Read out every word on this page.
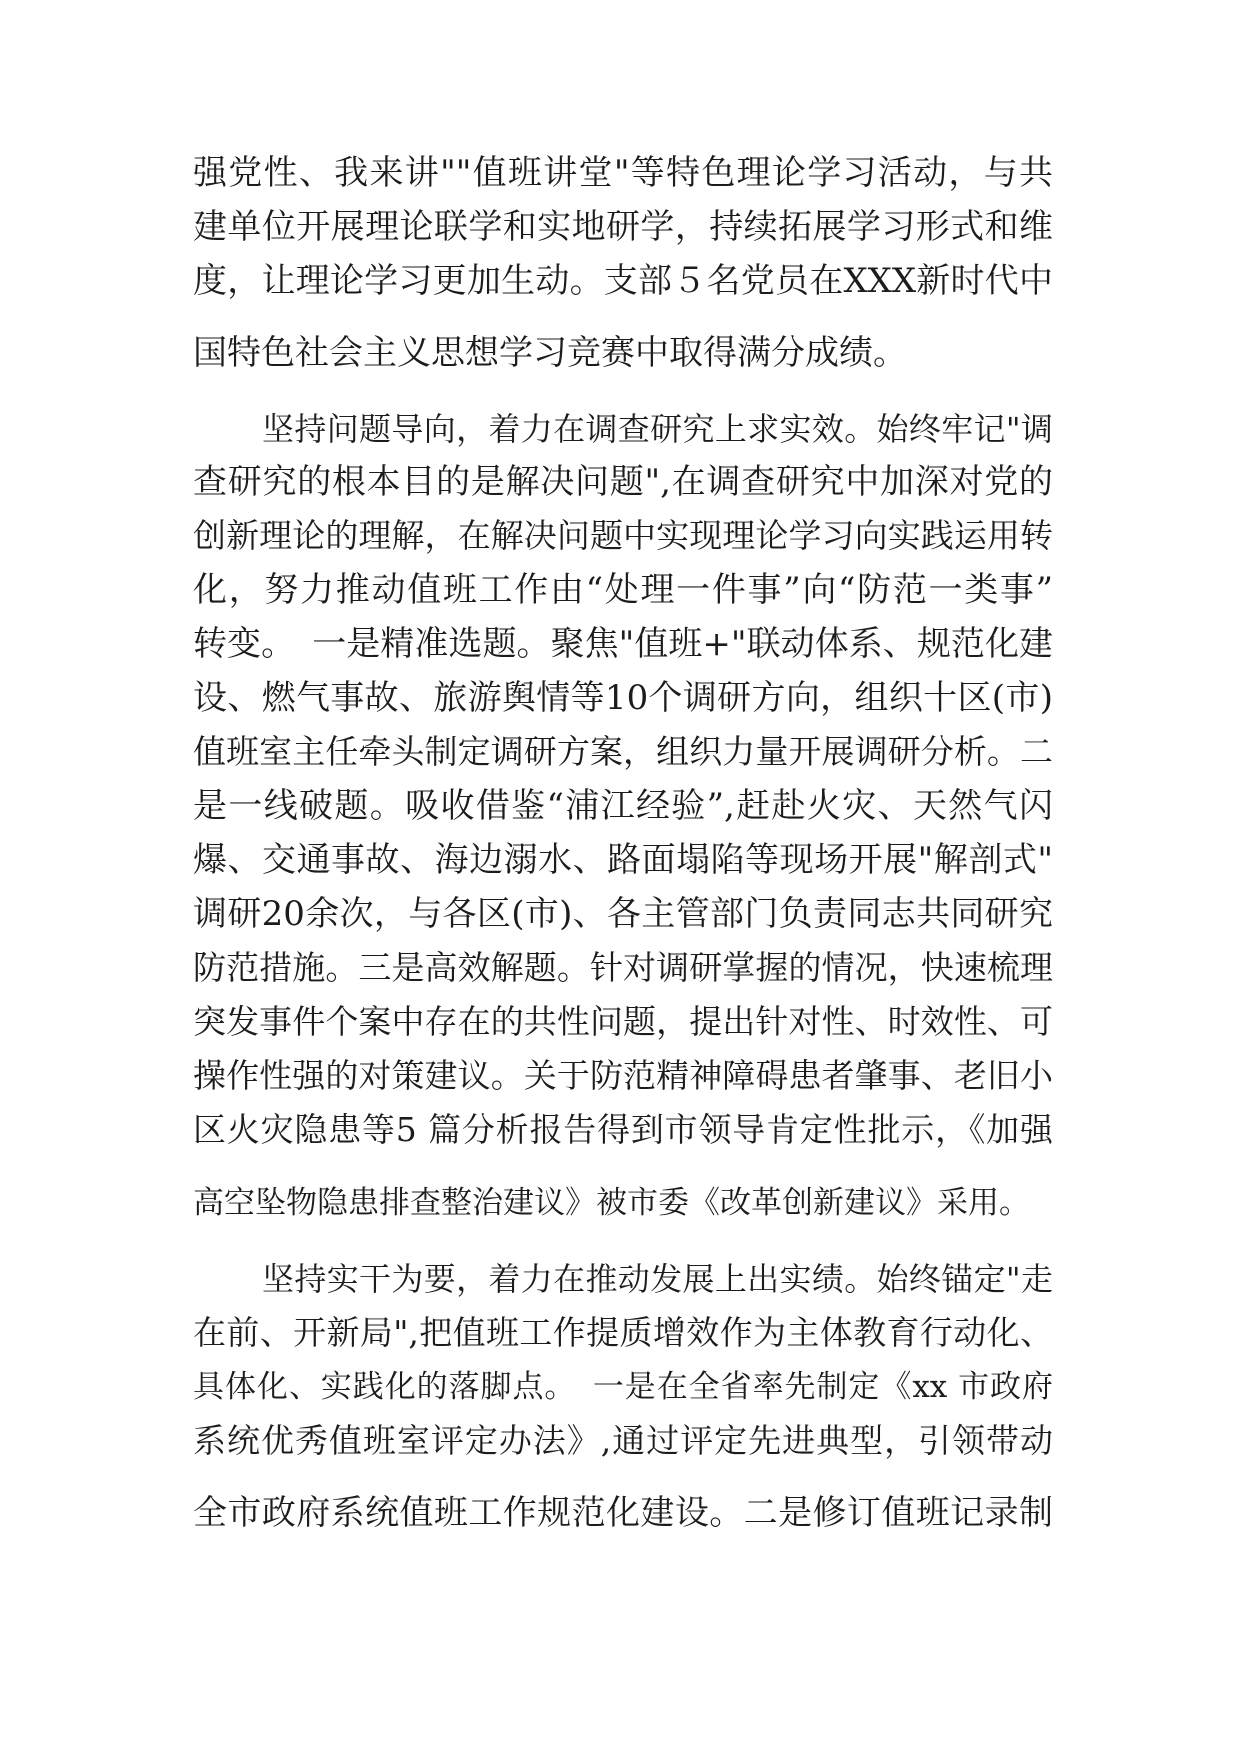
强党性、我来讲""值班讲堂"等特色理论学习活动，与共
建单位开展理论联学和实地研学，持续拓展学习形式和维
度，让理论学习更加生动。支部５名党员在XXX新时代中
国特色社会主义思想学习竞赛中取得满分成绩。
坚持问题导向，着力在调查研究上求实效。始终牢记"调
查研究的根本目的是解决问题",在调查研究中加深对党的
创新理论的理解，在解决问题中实现理论学习向实践运用转
化，努力推动值班工作由“处理一件事”向“防范一类事”
转变。　一是精准选题。聚焦"值班+"联动体系、规范化建
设、燃气事故、旅游舆情等10个调研方向，组织十区(市)
值班室主任牵头制定调研方案，组织力量开展调研分析。二
是一线破题。吸收借鉴“浦江经验”,赶赴火灾、天然气闪
爆、交通事故、海边溺水、路面塌陷等现场开展"解剖式"
调研20余次，与各区(市)、各主管部门负责同志共同研究
防范措施。三是高效解题。针对调研掌握的情况，快速梳理
突发事件个案中存在的共性问题，提出针对性、时效性、可
操作性强的对策建议。关于防范精神障碍患者肇事、老旧小
区火灾隐患等5 篇分析报告得到市领导肯定性批示，《加强
高空坠物隐患排查整治建议》被市委《改革创新建议》采用。
坚持实干为要，着力在推动发展上出实绩。始终锚定"走
在前、开新局",把值班工作提质增效作为主体教育行动化、
具体化、实践化的落脚点。　一是在全省率先制定《xx 市政府
系统优秀值班室评定办法》,通过评定先进典型，引领带动
全市政府系统值班工作规范化建设。二是修订值班记录制
